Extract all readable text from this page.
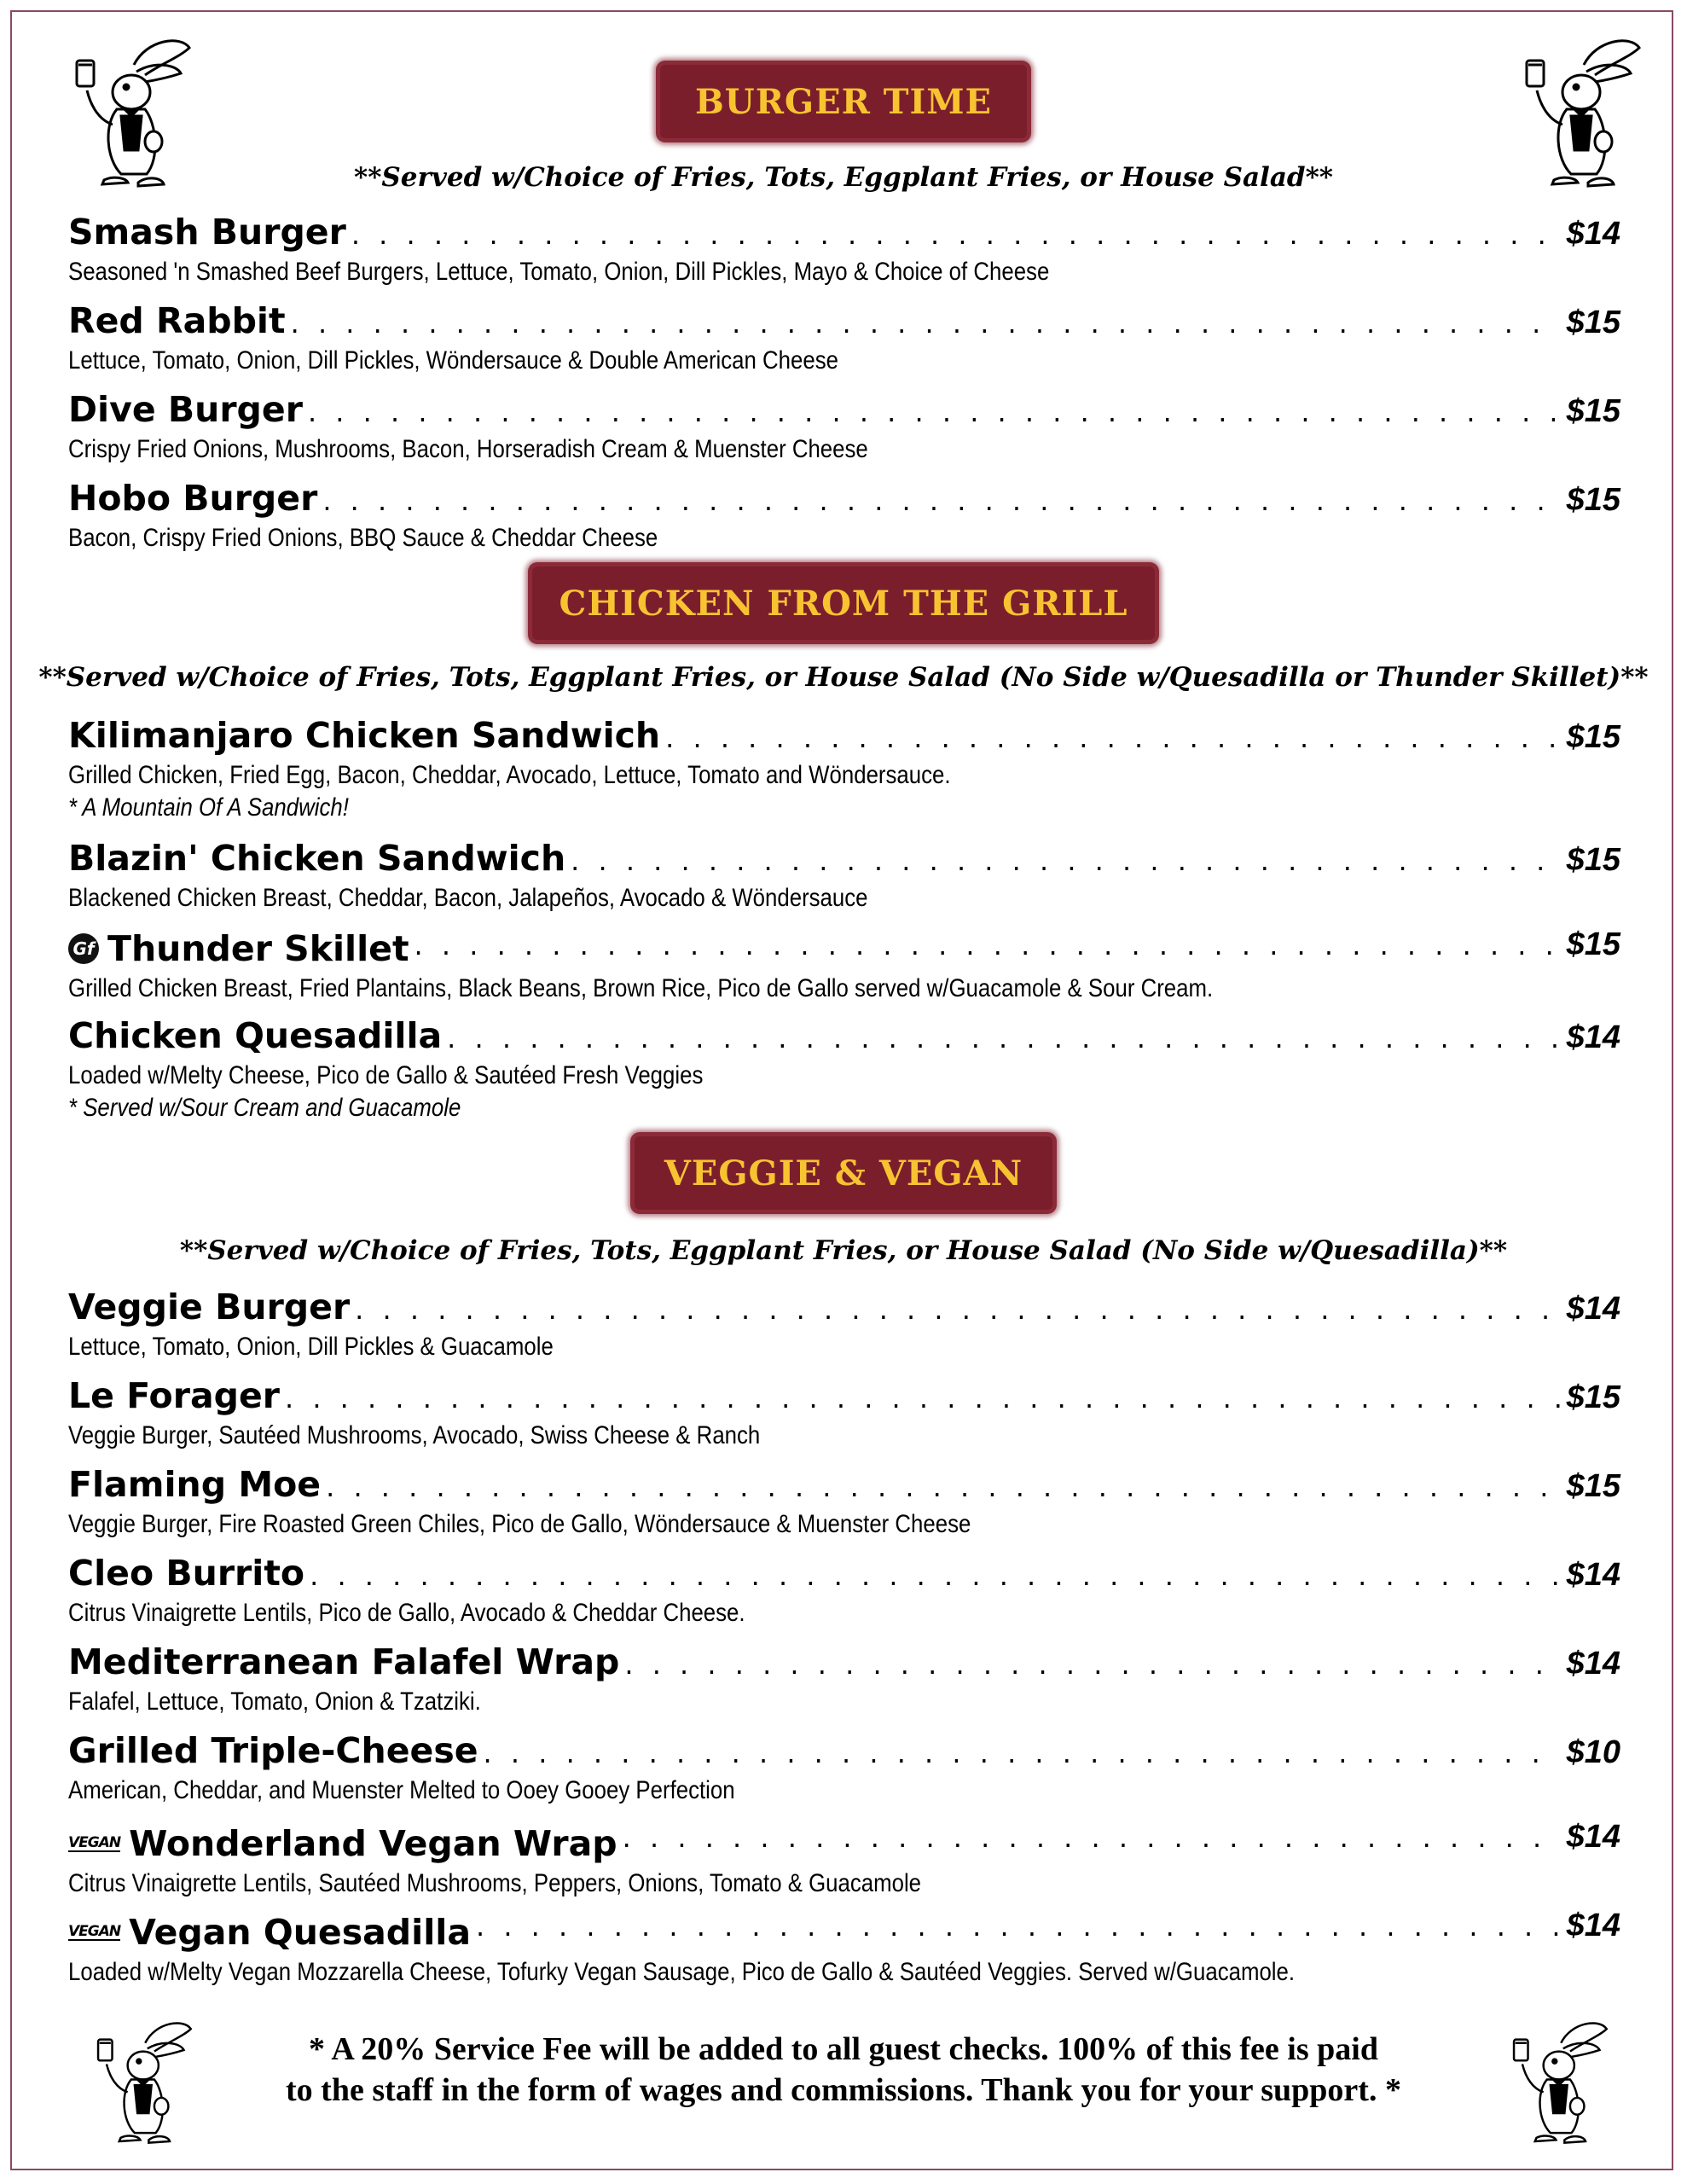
BURGER TIME
**Served w/Choice of Fries, Tots, Eggplant Fries, or House Salad**
Smash Burger . . .	$14
Seasoned 'n Smashed Beef Burgers, Lettuce, Tomato, Onion, Dill Pickles, Mayo & Choice of Cheese
Red Rabbit . . .	$15
Lettuce, Tomato, Onion, Dill Pickles, Wöndersauce & Double American Cheese
Dive Burger . . .	$15
Crispy Fried Onions, Mushrooms, Bacon, Horseradish Cream & Muenster Cheese
Hobo Burger . . .	$15
Bacon, Crispy Fried Onions, BBQ Sauce & Cheddar Cheese
CHICKEN FROM THE GRILL
**Served w/Choice of Fries, Tots, Eggplant Fries, or House Salad (No Side w/Quesadilla or Thunder Skillet)**
Kilimanjaro Chicken Sandwich . . .	$15
Grilled Chicken, Fried Egg, Bacon, Cheddar, Avocado, Lettuce, Tomato and Wöndersauce.
* A Mountain Of A Sandwich!
Blazin' Chicken Sandwich . . .	$15
Blackened Chicken Breast, Cheddar, Bacon, Jalapeños, Avocado & Wöndersauce
Gf Thunder Skillet . . .	$15
Grilled Chicken Breast, Fried Plantains, Black Beans, Brown Rice, Pico de Gallo served w/Guacamole & Sour Cream.
Chicken Quesadilla . . .	$14
Loaded w/Melty Cheese, Pico de Gallo & Sautéed Fresh Veggies
* Served w/Sour Cream and Guacamole
VEGGIE & VEGAN
**Served w/Choice of Fries, Tots, Eggplant Fries, or House Salad (No Side w/Quesadilla)**
Veggie Burger . . .	$14
Lettuce, Tomato, Onion, Dill Pickles & Guacamole
Le Forager . . .	$15
Veggie Burger, Sautéed Mushrooms, Avocado, Swiss Cheese & Ranch
Flaming Moe . . .	$15
Veggie Burger, Fire Roasted Green Chiles, Pico de Gallo, Wöndersauce & Muenster Cheese
Cleo Burrito . . .	$14
Citrus Vinaigrette Lentils, Pico de Gallo, Avocado & Cheddar Cheese.
Mediterranean Falafel Wrap . . .	$14
Falafel, Lettuce, Tomato, Onion & Tzatziki.
Grilled Triple-Cheese . . .	$10
American, Cheddar, and Muenster Melted to Ooey Gooey Perfection
VEGAN Wonderland Vegan Wrap . . .	$14
Citrus Vinaigrette Lentils, Sautéed Mushrooms, Peppers, Onions, Tomato & Guacamole
VEGAN Vegan Quesadilla . . .	$14
Loaded w/Melty Vegan Mozzarella Cheese, Tofurky Vegan Sausage, Pico de Gallo & Sautéed Veggies. Served w/Guacamole.
* A 20% Service Fee will be added to all guest checks. 100% of this fee is paid
to the staff in the form of wages and commissions. Thank you for your support. *
